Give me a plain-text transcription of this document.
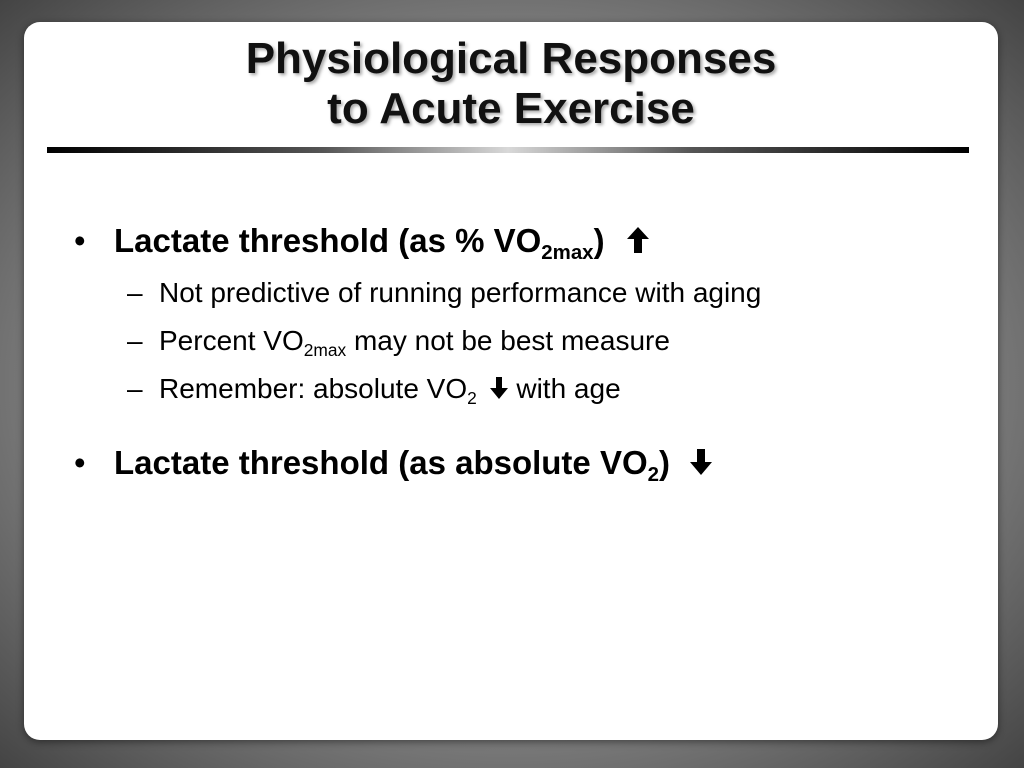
Physiological Responses
to Acute Exercise
• Lactate threshold (as % $VO_{2max}$)
– Not predictive of running performance with aging
– Percent $VO_{2max}$ may not be best measure
– Remember: absolute $VO_2$  with age
• Lactate threshold (as absolute $VO_2$)
